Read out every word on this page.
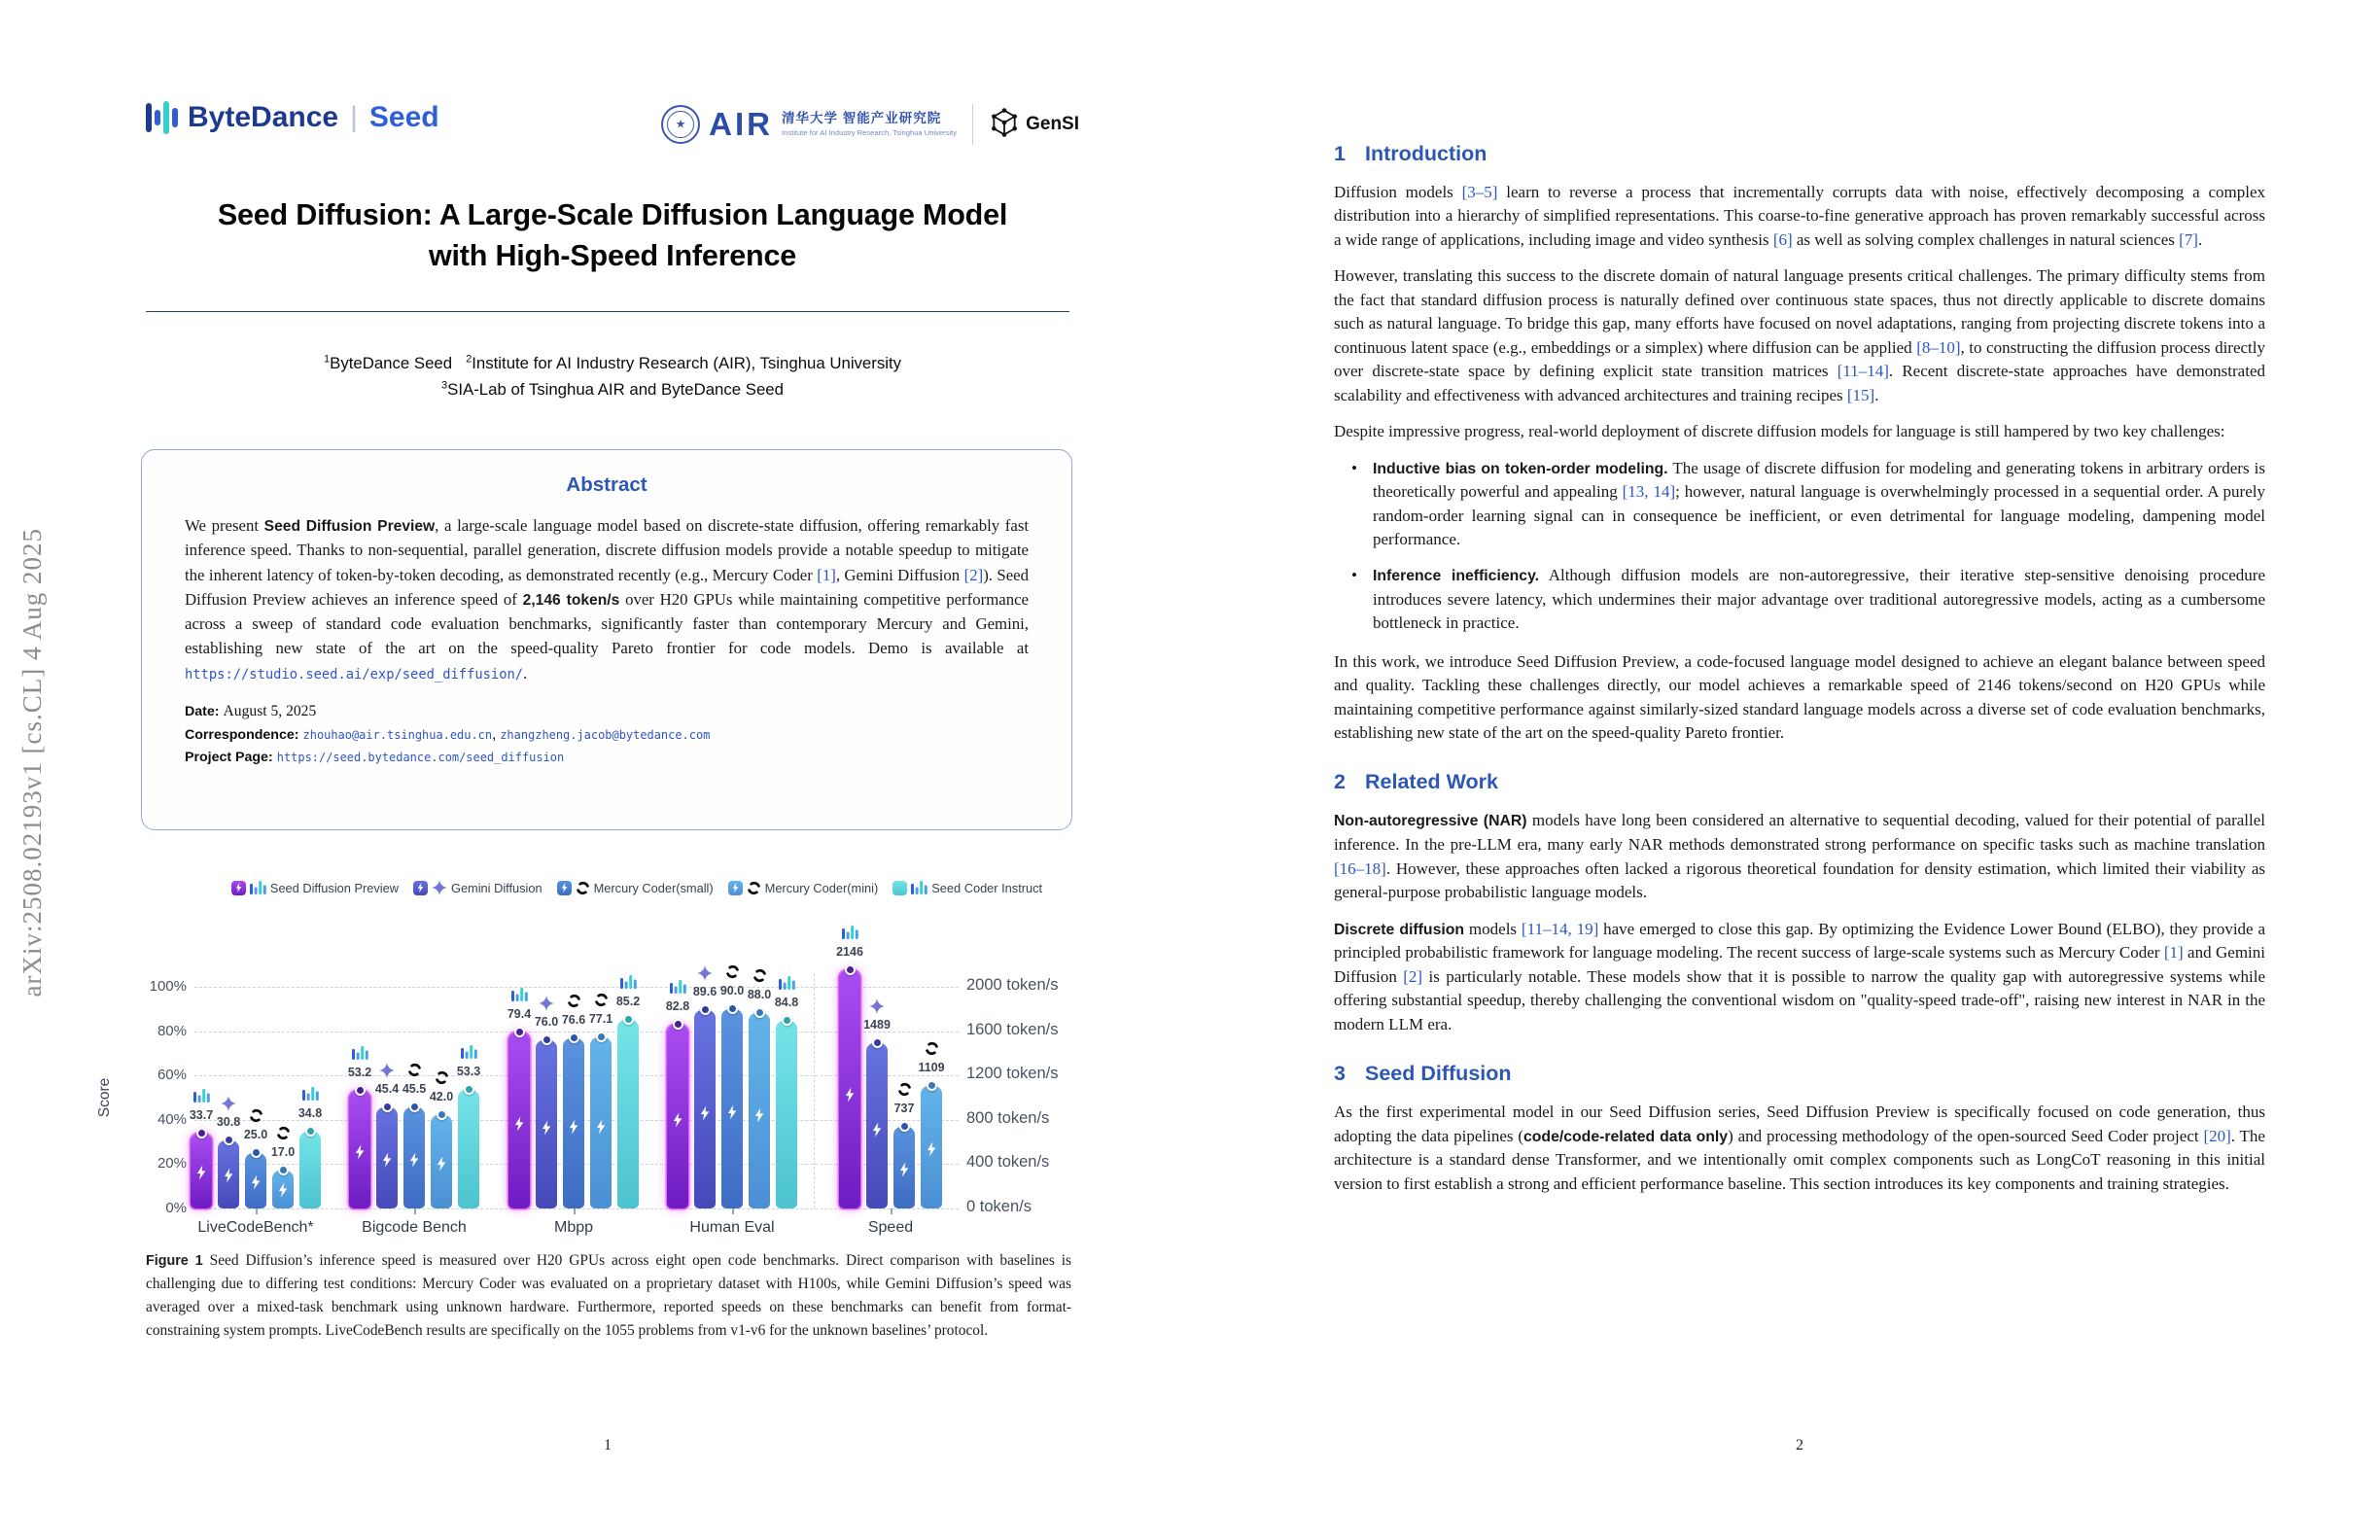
arXiv:2508.02193v1 [cs.CL] 4 Aug 2025
ByteDance | Seed ★	AIR 清华大学 智能产业研究院
Institute for AI Industry Research, Tsinghua University	GenSI
Seed Diffusion: A Large-Scale Diffusion Language Model
with High-Speed Inference
$^1$ByteDance Seed $^2$Institute for AI Industry Research (AIR), Tsinghua University
$^3$SIA-Lab of Tsinghua AIR and ByteDance Seed
Abstract

We present Seed Diffusion Preview, a large-scale language model based on discrete-state diffusion, offering remarkably fast inference speed. Thanks to non-sequential, parallel generation, discrete diffusion models provide a notable speedup to mitigate the inherent latency of token-by-token decoding, as demonstrated recently (e.g., Mercury Coder [1], Gemini Diffusion [2]). Seed Diffusion Preview achieves an inference speed of 2,146 token/s over H20 GPUs while maintaining competitive performance across a sweep of standard code evaluation benchmarks, significantly faster than contemporary Mercury and Gemini, establishing new state of the art on the speed-quality Pareto frontier for code models. Demo is available at https://studio.seed.ai/exp/seed_diffusion/.

Date: August 5, 2025
Correspondence: zhouhao@air.tsinghua.edu.cn, zhangzheng.jacob@bytedance.com
Project Page: https://seed.bytedance.com/seed_diffusion
Seed Diffusion Preview	Gemini Diffusion	Mercury Coder(small)	Mercury Coder(mini)	Seed Coder Instruct
0%	0 token/s
20%	400 token/s
40%	800 token/s
60%	1200 token/s
80%	1600 token/s
100%	2000 token/s
Score	33.7 30.8
25.0
17.0
34.8
LiveCodeBench*
53.2
45.4 45.5
42.0
53.3
Bigcode Bench
79.4
76.0 76.6 77.1
85.2
Mbpp
82.8
89.6 90.0 88.0
84.8
Human Eval
2146
1489
737
1109
Speed

Figure 1 Seed Diffusion’s inference speed is measured over H20 GPUs across eight open code benchmarks. Direct comparison with baselines is challenging due to differing test conditions: Mercury Coder was evaluated on a proprietary dataset with H100s, while Gemini Diffusion’s speed was averaged over a mixed-task benchmark using unknown hardware. Furthermore, reported speeds on these benchmarks can benefit from format-constraining system prompts. LiveCodeBench results are specifically on the 1055 problems from v1-v6 for the unknown baselines’ protocol.

1
1 Introduction

Diffusion models [3–5] learn to reverse a process that incrementally corrupts data with noise, effectively decomposing a complex distribution into a hierarchy of simplified representations. This coarse-to-fine generative approach has proven remarkably successful across a wide range of applications, including image and video synthesis [6] as well as solving complex challenges in natural sciences [7].

However, translating this success to the discrete domain of natural language presents critical challenges. The primary difficulty stems from the fact that standard diffusion process is naturally defined over continuous state spaces, thus not directly applicable to discrete domains such as natural language. To bridge this gap, many efforts have focused on novel adaptations, ranging from projecting discrete tokens into a continuous latent space (e.g., embeddings or a simplex) where diffusion can be applied [8–10], to constructing the diffusion process directly over discrete-state space by defining explicit state transition matrices [11–14]. Recent discrete-state approaches have demonstrated scalability and effectiveness with advanced architectures and training recipes [15].

Despite impressive progress, real-world deployment of discrete diffusion models for language is still hampered by two key challenges:

• Inductive bias on token-order modeling. The usage of discrete diffusion for modeling and generating tokens in arbitrary orders is theoretically powerful and appealing [13, 14]; however, natural language is overwhelmingly processed in a sequential order. A purely random-order learning signal can in consequence be inefficient, or even detrimental for language modeling, dampening model performance.
• Inference inefficiency. Although diffusion models are non-autoregressive, their iterative step-sensitive denoising procedure introduces severe latency, which undermines their major advantage over traditional autoregressive models, acting as a cumbersome bottleneck in practice.

In this work, we introduce Seed Diffusion Preview, a code-focused language model designed to achieve an elegant balance between speed and quality. Tackling these challenges directly, our model achieves a remarkable speed of 2146 tokens/second on H20 GPUs while maintaining competitive performance against similarly-sized standard language models across a diverse set of code evaluation benchmarks, establishing new state of the art on the speed-quality Pareto frontier.

2 Related Work

Non-autoregressive (NAR) models have long been considered an alternative to sequential decoding, valued for their potential of parallel inference. In the pre-LLM era, many early NAR methods demonstrated strong performance on specific tasks such as machine translation [16–18]. However, these approaches often lacked a rigorous theoretical foundation for density estimation, which limited their viability as general-purpose probabilistic language models.

Discrete diffusion models [11–14, 19] have emerged to close this gap. By optimizing the Evidence Lower Bound (ELBO), they provide a principled probabilistic framework for language modeling. The recent success of large-scale systems such as Mercury Coder [1] and Gemini Diffusion [2] is particularly notable. These models show that it is possible to narrow the quality gap with autoregressive systems while offering substantial speedup, thereby challenging the conventional wisdom on "quality-speed trade-off", raising new interest in NAR in the modern LLM era.

3 Seed Diffusion

As the first experimental model in our Seed Diffusion series, Seed Diffusion Preview is specifically focused on code generation, thus adopting the data pipelines (code/code-related data only) and processing methodology of the open-sourced Seed Coder project [20]. The architecture is a standard dense Transformer, and we intentionally omit complex components such as LongCoT reasoning in this initial version to first establish a strong and efficient performance baseline. This section introduces its key components and training strategies.

2
